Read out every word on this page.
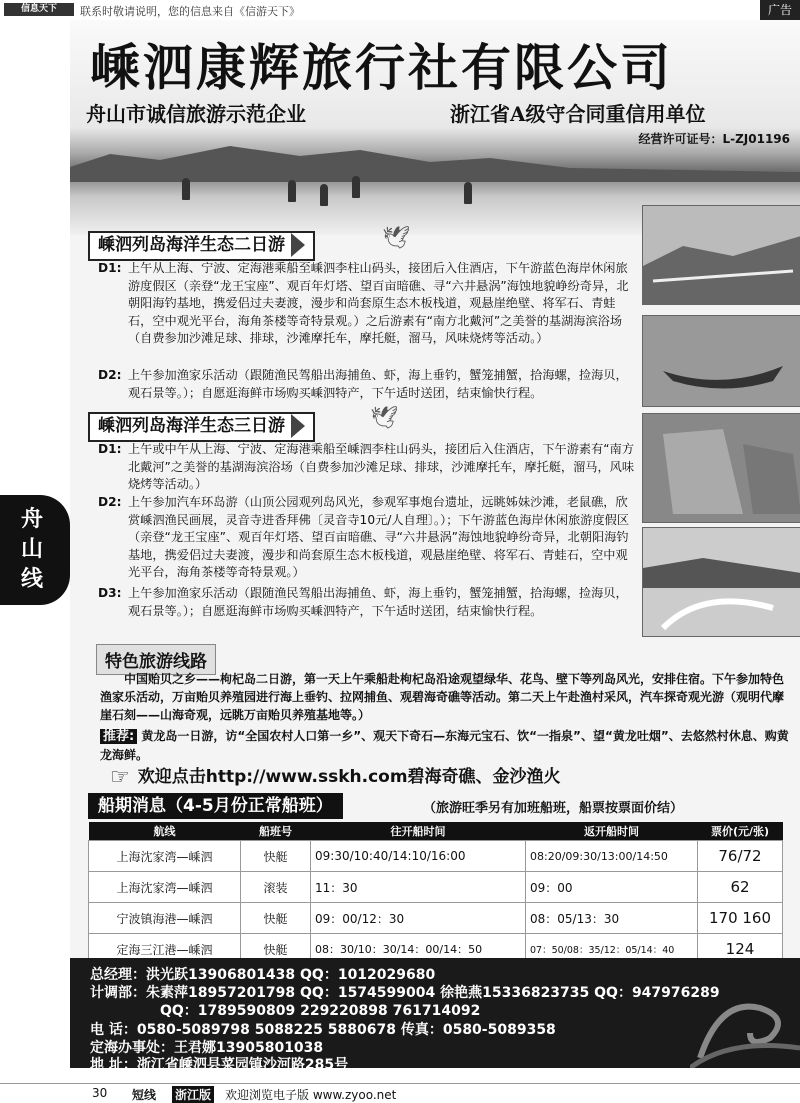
信息天下	联系时敬请说明，您的信息来自《信游天下》	广告
舟
山
线
嵊泗康辉旅行社有限公司
舟山市诚信旅游示范企业	浙江省A级守合同重信用单位
经营许可证号：L-ZJ01196
嵊泗列岛海洋生态二日游	🕊
D1: 上午从上海、宁波、定海港乘船至嵊泗李柱山码头，接团后入住酒店，下午游蓝色海岸休闲旅游度假区（亲登“龙王宝座”、观百年灯塔、望百亩暗礁、寻“六井悬涡”海蚀地貌峥纷奇异，北朝阳海钓基地，携爱侣过夫妻渡，漫步和尚套原生态木板栈道，观悬崖绝壁、将军石、青蛙石，空中观光平台，海角茶楼等奇特景观。）之后游素有“南方北戴河”之美誉的基湖海滨浴场（自费参加沙滩足球、排球，沙滩摩托车，摩托艇，溜马，风味烧烤等活动。）

D2: 上午参加渔家乐活动（跟随渔民驾船出海捕鱼、虾，海上垂钓，蟹笼捕蟹，拾海螺，捡海贝，观石景等。）；自愿逛海鲜市场购买嵊泗特产，下午适时送团，结束愉快行程。

嵊泗列岛海洋生态三日游	🕊
D1: 上午或中午从上海、宁波、定海港乘船至嵊泗李柱山码头，接团后入住酒店，下午游素有“南方北戴河”之美誉的基湖海滨浴场（自费参加沙滩足球、排球，沙滩摩托车，摩托艇，溜马，风味烧烤等活动。）

D2: 上午参加汽车环岛游（山顶公园观列岛风光，参观军事炮台遗址，远眺姊妹沙滩，老鼠礁，欣赏嵊泗渔民画展，灵音寺进香拜佛〔灵音寺10元/人自理〕。）；下午游蓝色海岸休闲旅游度假区（亲登“龙王宝座”、观百年灯塔、望百亩暗礁、寻“六井悬涡”海蚀地貌峥纷奇异，北朝阳海钓基地，携爱侣过夫妻渡，漫步和尚套原生态木板栈道，观悬崖绝壁、将军石、青蛙石，空中观光平台，海角茶楼等奇特景观。）

D3: 上午参加渔家乐活动（跟随渔民驾船出海捕鱼、虾，海上垂钓，蟹笼捕蟹，拾海螺，捡海贝，观石景等。）；自愿逛海鲜市场购买嵊泗特产，下午适时送团，结束愉快行程。

特色旅游线路
中国贻贝之乡——枸杞岛二日游，第一天上午乘船赴枸杞岛沿途观望绿华、花鸟、壁下等列岛风光，安排住宿。下午参加特色渔家乐活动，万亩贻贝养殖园进行海上垂钓、拉网捕鱼、观碧海奇礁等活动。第二天上午赴渔村采风，汽车探奇观光游（观明代摩崖石刻——山海奇观，远眺万亩贻贝养殖基地等。）
推荐: 黄龙岛一日游，访“全国农村人口第一乡”、观天下奇石—东海元宝石、饮“一指泉”、望“黄龙吐烟”、去悠然村休息、购黄龙海鲜。
☞ 欢迎点击http://www.sskh.com碧海奇礁、金沙渔火
船期消息（4-5月份正常船班）	（旅游旺季另有加班船班，船票按票面价结）
航线	船班号	往开船时间	返开船时间	票价(元/张)
上海沈家湾—嵊泗	快艇	09:30/10:40/14:10/16:00	08:20/09:30/13:00/14:50	76/72
上海沈家湾—嵊泗	滚装	11：30	09：00	62
宁波镇海港—嵊泗	快艇	09：00/12：30	08：05/13：30	170 160
定海三江港—嵊泗	快艇	08：30/10：30/14：00/14：50	07：50/08：35/12：05/14：40	124
总经理：洪光跃13906801438 QQ：1012029680
计调部：朱素萍18957201798 QQ：1574599004 徐艳燕15336823735 QQ：947976289
QQ：1789590809 229220898 761714092
电 话：0580-5089798 5088225 5880678 传真：0580-5089358
定海办事处：王君娜13905801038
地 址：浙江省嵊泗县菜园镇沙河路285号
30 短线 浙江版 欢迎浏览电子版 www.zyoo.net
